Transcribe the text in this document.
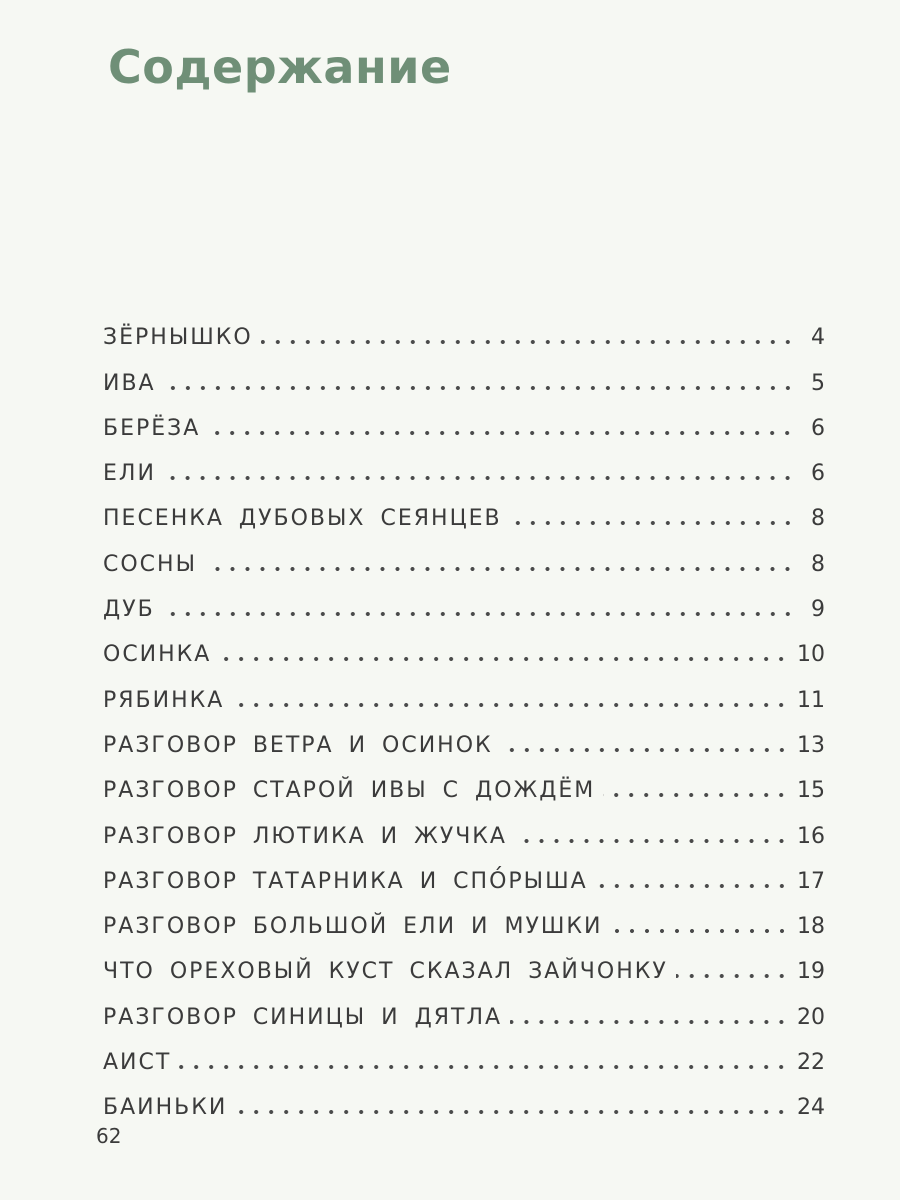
Содержание
ЗЁРНЫШКО	4
ИВА	5
БЕРЁЗА	6
ЕЛИ	6
ПЕСЕНКА ДУБОВЫХ СЕЯНЦЕВ	8
СОСНЫ	8
ДУБ	9
ОСИНКА	10
РЯБИНКА	11
РАЗГОВОР ВЕТРА И ОСИНОК	13
РАЗГОВОР СТАРОЙ ИВЫ С ДОЖДЁМ	15
РАЗГОВОР ЛЮТИКА И ЖУЧКА	16
РАЗГОВОР ТАТАРНИКА И СПО́РЫША	17
РАЗГОВОР БОЛЬШОЙ ЕЛИ И МУШКИ	18
ЧТО ОРЕХОВЫЙ КУСТ СКАЗАЛ ЗАЙЧОНКУ	19
РАЗГОВОР СИНИЦЫ И ДЯТЛА	20
АИСТ	22
БАИНЬКИ	24
62
